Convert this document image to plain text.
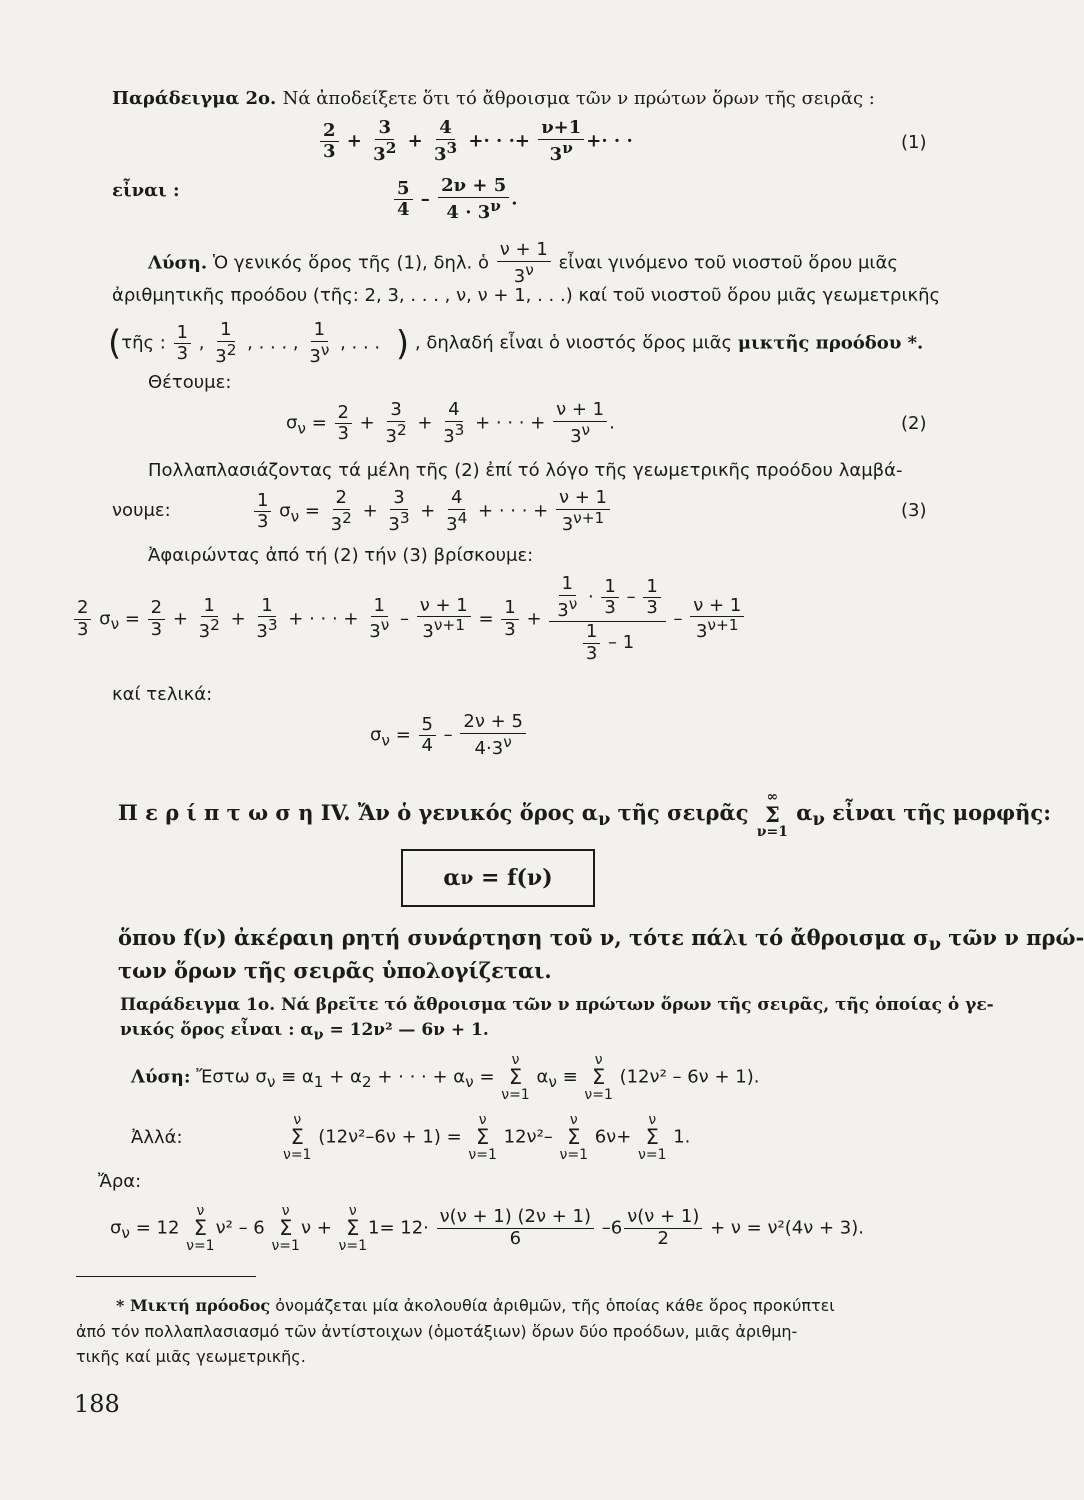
Παράδειγμα 2ο. Νά ἀποδείξετε ὅτι τό ἄθροισμα τῶν ν πρώτων ὅρων τῆς σειρᾶς :
$\frac{2}{3} + \frac{3}{3^2} + \frac{4}{3^3}$ +· · ·+ $\frac{\nu+1}{3^\nu}$ +· · ·	(1)
εἶναι :	$\frac{5}{4} - \frac{2\nu + 5}{4 \cdot 3^\nu}$ .
Λύση. Ὁ γενικός ὅρος τῆς (1), δηλ. ὁ $\frac{\nu + 1}{3^\nu}$ εἶναι γινόμενο τοῦ νιοστοῦ ὅρου μιᾶς
ἀριθμητικῆς προόδου (τῆς: 2, 3, . . . , ν, ν + 1, . . .) καί τοῦ νιοστοῦ ὅρου μιᾶς γεωμετρικῆς
(τῆς : $\frac{1}{3}$ , $\frac{1}{3^2}$ , . . . , $\frac{1}{3^\nu}$ , . . . ) , δηλαδή εἶναι ὁ νιοστός ὅρος μιᾶς μικτῆς προόδου *.
Θέτουμε:
$\sigma_\nu = \frac{2}{3} + \frac{3}{3^2} + \frac{4}{3^3}$ + · · · + $\frac{\nu + 1}{3^\nu}$ .	(2)
Πολλαπλασιάζοντας τά μέλη τῆς (2) ἐπί τό λόγο τῆς γεωμετρικῆς προόδου λαμβά-
νουμε:	$\frac{1}{3} \sigma_\nu = \frac{2}{3^2} + \frac{3}{3^3} + \frac{4}{3^4}$ + · · · + $\frac{\nu + 1}{3^{\nu+1}}$	(3)
Ἀφαιρώντας ἀπό τή (2) τήν (3) βρίσκουμε:
$\frac{2}{3} \sigma_\nu = \frac{2}{3} + \frac{1}{3^2} + \frac{1}{3^3}$ + · · · + $\frac{1}{3^\nu} - \frac{\nu + 1}{3^{\nu+1}} = \frac{1}{3} + \frac{\frac{1}{3^\nu} \cdot \frac{1}{3} - \frac{1}{3}}{\frac{1}{3} - 1} - \frac{\nu + 1}{3^{\nu+1}}$
καί τελικά:
$\sigma_\nu = \frac{5}{4} - \frac{2\nu + 5}{4\cdot 3^\nu}$
Π ε ρ ί π τ ω σ η IV. Ἄν ὁ γενικός ὅρος $\alpha_\nu$ τῆς σειρᾶς
∞
Σ
ν=1
$\alpha_\nu$ εἶναι τῆς μορφῆς:
α ν = f(ν)
ὅπου f(ν) ἀκέραιη ρητή συνάρτηση τοῦ ν, τότε πάλι τό ἄθροισμα $\sigma_\nu$ τῶν ν πρώ-
των ὅρων τῆς σειρᾶς ὑπολογίζεται.
Παράδειγμα 1ο. Νά βρεῖτε τό ἄθροισμα τῶν ν πρώτων ὅρων τῆς σειρᾶς, τῆς ὁποίας ὁ γε-
νικός ὅρος εἶναι : $\alpha_\nu = 12\nu^2$ — 6ν + 1.
Λύση: Ἔστω $\sigma_\nu \equiv \alpha_1 + \alpha_2$ + · · · + $\alpha_\nu$ =
ν
Σ
ν=1
$\alpha_\nu$ ≡
ν
Σ
ν=1
(12ν² – 6ν + 1).
Ἀλλά:
ν
Σ
ν=1
(12ν²–6ν + 1) =
ν
Σ
ν=1
12ν²–
ν
Σ
ν=1
6ν+
ν
Σ
ν=1
1.
Ἄρα:
$\sigma_\nu = 12$
ν
Σ
ν=1
ν² – 6
ν
Σ
ν=1
ν +
ν
Σ
ν=1
$1= 12\cdot \frac{\nu(\nu + 1) (2\nu + 1)}{6} -6 \frac{\nu(\nu + 1)}{2} + \nu = \nu^2(4\nu + 3)$.
* Μικτή πρόοδος ὀνομάζεται μία ἀκολουθία ἀριθμῶν, τῆς ὁποίας κάθε ὅρος προκύπτει
ἀπό τόν πολλαπλασιασμό τῶν ἀντίστοιχων (ὁμοτάξιων) ὅρων δύο προόδων, μιᾶς ἀριθμη-
τικῆς καί μιᾶς γεωμετρικῆς.
188
